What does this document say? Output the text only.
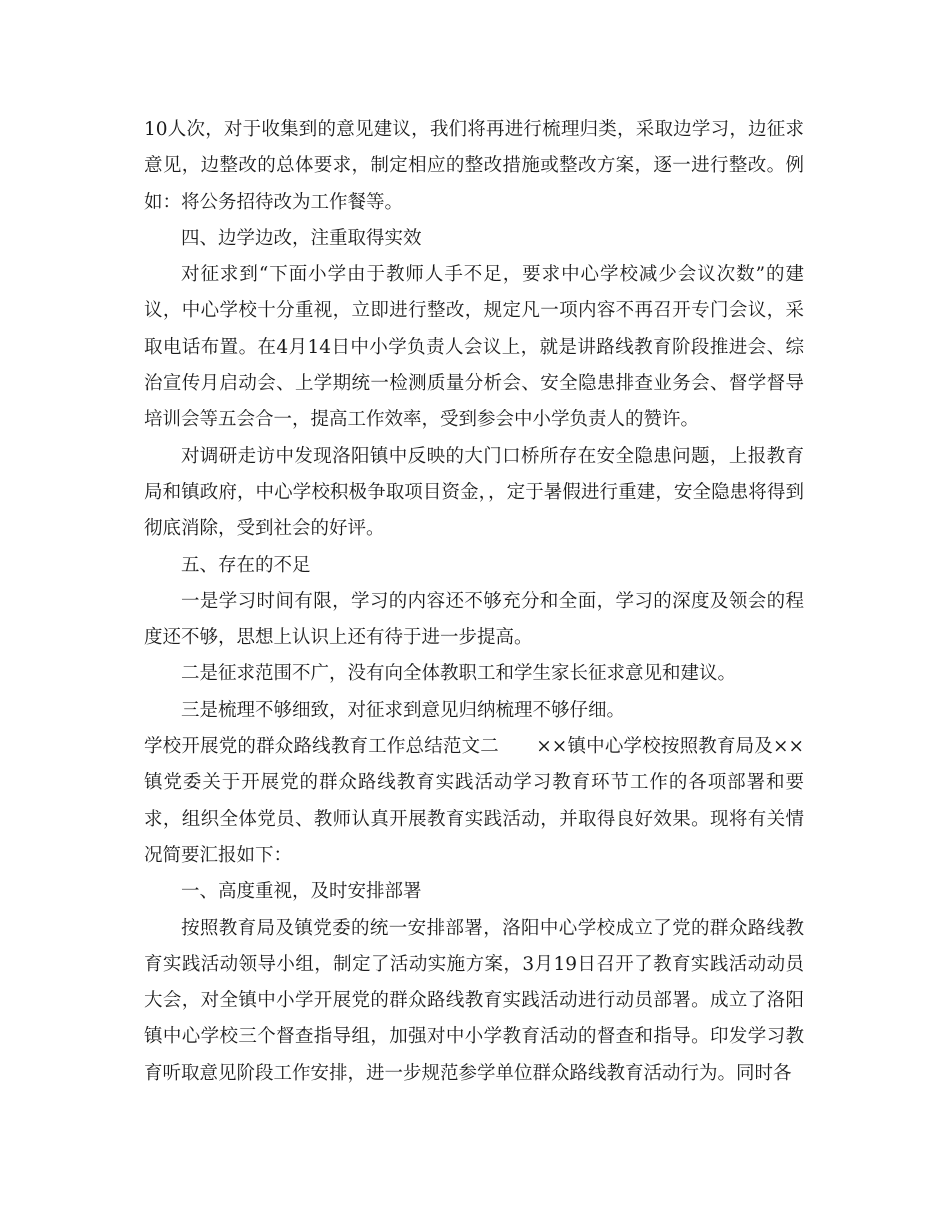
10人次，对于收集到的意见建议，我们将再进行梳理归类，采取边学习，边征求意见，边整改的总体要求，制定相应的整改措施或整改方案，逐一进行整改。例如：将公务招待改为工作餐等。

四、边学边改，注重取得实效

对征求到“下面小学由于教师人手不足，要求中心学校减少会议次数”的建议，中心学校十分重视，立即进行整改，规定凡一项内容不再召开专门会议，采取电话布置。在4月14日中小学负责人会议上，就是讲路线教育阶段推进会、综治宣传月启动会、上学期统一检测质量分析会、安全隐患排查业务会、督学督导培训会等五会合一，提高工作效率，受到参会中小学负责人的赞许。

对调研走访中发现洛阳镇中反映的大门口桥所存在安全隐患问题，上报教育局和镇政府，中心学校积极争取项目资金，，定于暑假进行重建，安全隐患将得到彻底消除，受到社会的好评。

五、存在的不足

一是学习时间有限，学习的内容还不够充分和全面，学习的深度及领会的程度还不够，思想上认识上还有待于进一步提高。

二是征求范围不广，没有向全体教职工和学生家长征求意见和建议。

三是梳理不够细致，对征求到意见归纳梳理不够仔细。

学校开展党的群众路线教育工作总结范文二　　××镇中心学校按照教育局及××镇党委关于开展党的群众路线教育实践活动学习教育环节工作的各项部署和要求，组织全体党员、教师认真开展教育实践活动，并取得良好效果。现将有关情况简要汇报如下：

一、高度重视，及时安排部署

按照教育局及镇党委的统一安排部署，洛阳中心学校成立了党的群众路线教育实践活动领导小组，制定了活动实施方案，3月19日召开了教育实践活动动员大会，对全镇中小学开展党的群众路线教育实践活动进行动员部署。成立了洛阳镇中心学校三个督查指导组，加强对中小学教育活动的督查和指导。印发学习教育听取意见阶段工作安排，进一步规范参学单位群众路线教育活动行为。同时各
